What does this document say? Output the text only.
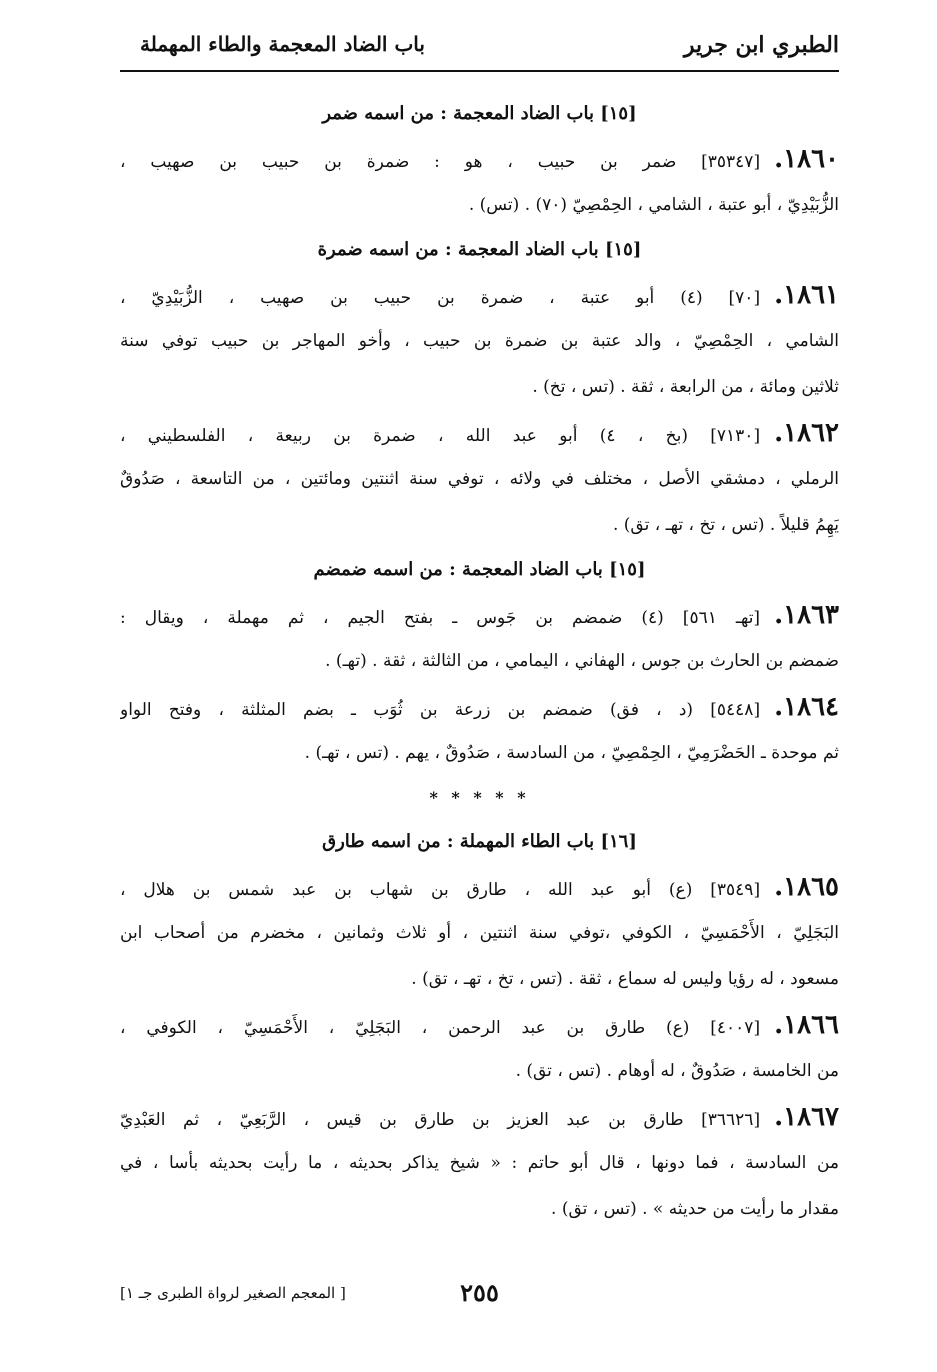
الطبري ابن جرير
باب الضاد المعجمة والطاء المهملة
[١٥] باب الضاد المعجمة : من اسمه ضمر
١٨٦٠.[٣٥٣٤٧] ضمر بن حبيب ، هو : ضمرة بن حبيب بن صهيب ،
الزُّبَيْدِيّ ، أبو عتبة ، الشامي ، الحِمْصِيّ (٧٠) . (تس) .
[١٥] باب الضاد المعجمة : من اسمه ضمرة
١٨٦١.[٧٠] (٤) أبو عتبة ، ضمرة بن حبيب بن صهيب ، الزُّبَيْدِيّ ،
الشامي ، الحِمْصِيّ ، والد عتبة بن ضمرة بن حبيب ، وأخو المهاجر بن حبيب توفي سنة
ثلاثين ومائة ، من الرابعة ، ثقة . (تس ، تخ) .
١٨٦٢.[٧١٣٠] (بخ ، ٤) أبو عبد الله ، ضمرة بن ربيعة ، الفلسطيني ،
الرملي ، دمشقي الأصل ، مختلف في ولائه ، توفي سنة اثنتين ومائتين ، من التاسعة ، صَدُوقٌ
يَهِمُ قليلاً . (تس ، تخ ، تهـ ، تق) .
[١٥] باب الضاد المعجمة : من اسمه ضمضم
١٨٦٣.[تهـ ٥٦١] (٤) ضمضم بن جَوس ـ بفتح الجيم ، ثم مهملة ، ويقال :
ضمضم بن الحارث بن جوس ، الهفاني ، اليمامي ، من الثالثة ، ثقة . (تهـ) .
١٨٦٤.[٥٤٤٨] (د ، فق) ضمضم بن زرعة بن ثُوَب ـ بضم المثلثة ، وفتح الواو
ثم موحدة ـ الحَضْرَمِيّ ، الحِمْصِيّ ، من السادسة ، صَدُوقٌ ، يهم . (تس ، تهـ) .
* * * * *
[١٦] باب الطاء المهملة : من اسمه طارق
١٨٦٥.[٣٥٤٩] (ع) أبو عبد الله ، طارق بن شهاب بن عبد شمس بن هلال ،
البَجَلِيّ ، الأَحْمَسِيّ ، الكوفي ،توفي سنة اثنتين ، أو ثلاث وثمانين ، مخضرم من أصحاب ابن
مسعود ، له رؤيا وليس له سماع ، ثقة . (تس ، تخ ، تهـ ، تق) .
١٨٦٦.[٤٠٠٧] (ع) طارق بن عبد الرحمن ، البَجَلِيّ ، الأَحْمَسِيّ ، الكوفي ،
من الخامسة ، صَدُوقٌ ، له أوهام . (تس ، تق) .
١٨٦٧.[٣٦٦٢٦] طارق بن عبد العزيز بن طارق بن قيس ، الرَّبَعِيّ ، ثم العَبْدِيّ
من السادسة ، فما دونها ، قال أبو حاتم : « شيخ يذاكر بحديثه ، ما رأيت بحديثه بأسا ، في
مقدار ما رأيت من حديثه » . (تس ، تق) .
٢٥٥
[ المعجم الصغير لرواة الطبرى جـ ١]
